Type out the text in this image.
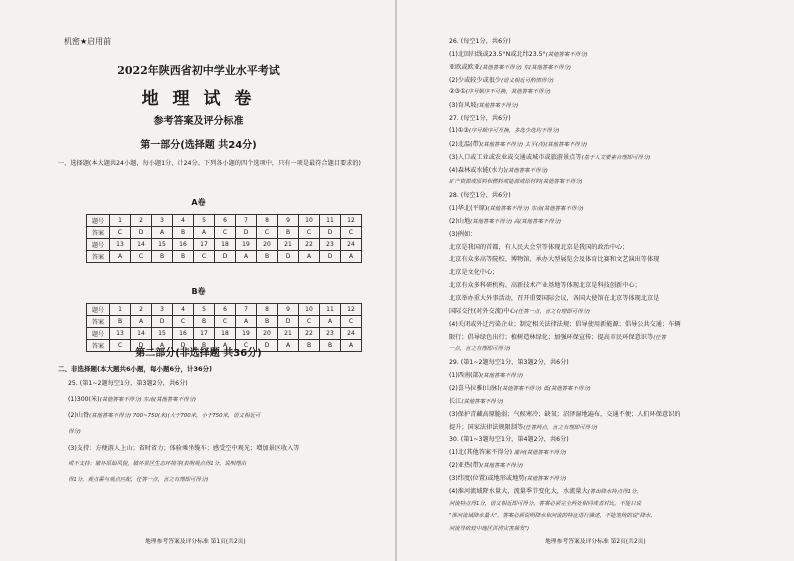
机密★启用前
2022年陕西省初中学业水平考试
地 理 试 卷
参考答案及评分标准
第一部分(选择题 共24分)
一、选择题(本大题共24小题，每小题1分，计24分。下列各小题的四个选项中，只有一项是最符合题目要求的)
A卷
题号	1	2	3	4	5	6	7	8	9	10	11	12
答案	C	D	A	B	A	C	D	C	B	C	D	C
题号	13	14	15	16	17	18	19	20	21	22	23	24
答案	A	C	B	B	C	D	A	B	D	A	D	A
B卷
题号	1	2	3	4	5	6	7	8	9	10	11	12
答案	B	A	D	C	B	C	A	B	D	C	A	C
题号	13	14	15	16	17	18	19	20	21	22	23	24
答案	C	D	A	D	B	A	C	D	A	B	B	A
第二部分(非选择题 共36分)
二、非选择题(本大题共6小题，每小题6分，计36分)
25. (第1~2题每空1分，第3题2分，共6分)
(1)300(米)(其他答案不得分) 东南(其他答案不得分)
(2)山脊(其他答案不得分) 700~750(米)(大于700米，小于750米，语义相近可
得分)
(3)支持：方便游人上山；省时省力；体验乘坐缆车；感受空中观光；增加景区收入等
或不支持：破坏原始风貌，破坏景区生态环境等(表明观点得1分，说明理由
得1分，观点需与观点匹配，任答一点，言之有理即可得分)
地理参考答案及评分标准 第1页(共2页)
26. (每空1分，共6分)
(1)北回归线或23.5°N或北纬23.5°(其他答案不得分)
亚欧或欧亚(其他答案不得分) 东(其他答案不得分)
(2)少或较少或很少(语义相近可酌情得分)
②③①(序号顺序不可换，其他答案不得分)
(3)育风坡(其他答案不得分)
27. (每空1分，共6分)
(1)①③(序号顺序可互换，多选少选均不得分)
(2)北温(带)(其他答案不得分) 太平(洋)(其他答案不得分)
(3)人口或工业或农业或交通或城市或旅游景点等(基于人文要素合理即可得分)
(4)森林或水能(水力)(其他答案不得分)
矿产资源或原料和燃料或能源或原材料(其他答案不得分)
28. (每空1分，共6分)
(1)华北(平原)(其他答案不得分) 东南(其他答案不得分)
(2)山地(其他答案不得分) 高(其他答案不得分)
(3)例如：
北京是我国的首都，有人民大会堂等体现北京是我国的政治中心；
北京有众多高等院校、博物馆、承办大型展览会及体育比赛和文艺演出等体现
北京是文化中心；
北京有众多科研机构、高新技术产业基地等体现北京是科技创新中心；
北京举办重大外事活动，召开重要国际会议，各国大使馆在北京等体现北京是
国际交往(对外交流)中心(任答一点，言之有理即可得分)
(4)关闭或外迁污染企业；制定相关法律法规；倡导使用新能源；倡导公共交通；车辆
限行；倡导绿色出行；植树造林绿化；加强环保宣传；提高市民环保意识等(任答
一点，言之有理即可得分)
29. (第1~2题每空1分，第3题2分，共6分)
(1)西南(部)(其他答案不得分)
(2)喜马拉雅(山脉)(其他答案不得分) 低(其他答案不得分)
长江(其他答案不得分)
(3)保护青藏高原脆弱；气候寒冷；缺氧；沼泽湿地遍布，交通不便；人们环保意识的
提升；国家法律法规限制等(任答两点，言之有理即可得分)
30. (第1~3题每空1分，第4题2分，共6分)
(1)北(其他答案不得分) 灌河(其他答案不得分)
(2)亚热(带)(其他答案不得分)
(3)纬度(位置)或地形或地势(其他答案不得分)
(4)淮河流域降水量大，流量季节变化大，水流量大(答出降水特点得1分，
河流特点得1分，语义相近即可得分。答案必须完全两处相同或者对比，不能只说
"淮河流域降水量大"，答案必须说明降水和河流的特征进行描述，不能笼统的说"降水、
河流导致较中地区洪涝灾害频发")
地理参考答案及评分标准 第2页(共2页)
